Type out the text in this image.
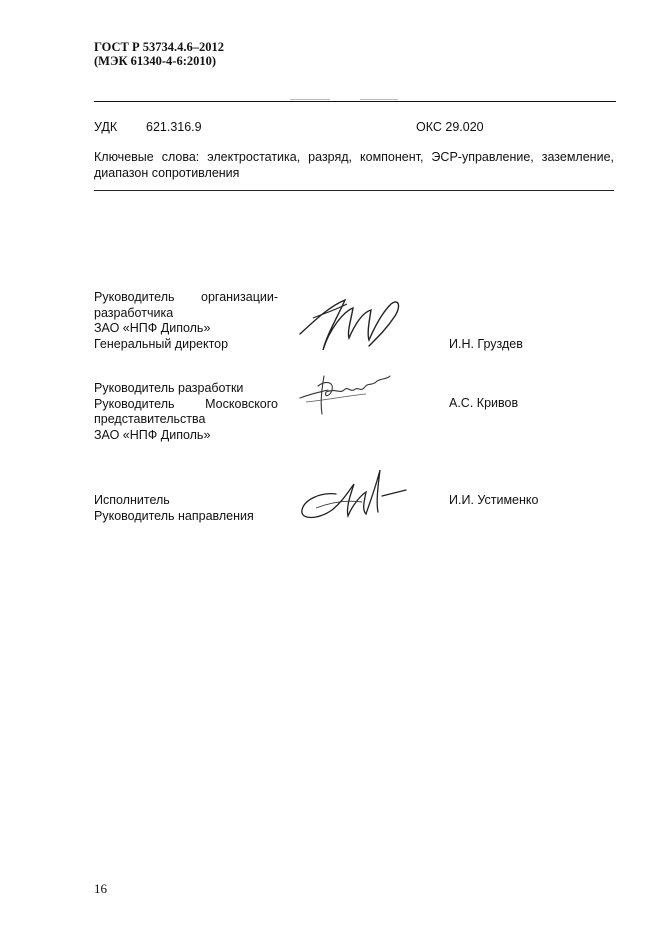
ГОСТ Р 53734.4.6–2012
(МЭК 61340-4-6:2010)
УДК 621.316.9	ОКС 29.020
Ключевые слова: электростатика, разряд, компонент, ЭСР-управление, заземление, диапазон сопротивления
Руководитель организации-
разработчика
ЗАО «НПФ Диполь»
Генеральный директор	И.Н. Груздев
Руководитель разработки
Руководитель Московского
представительства
ЗАО «НПФ Диполь»
А.С. Кривов
Исполнитель
Руководитель направления
И.И. Устименко
16
